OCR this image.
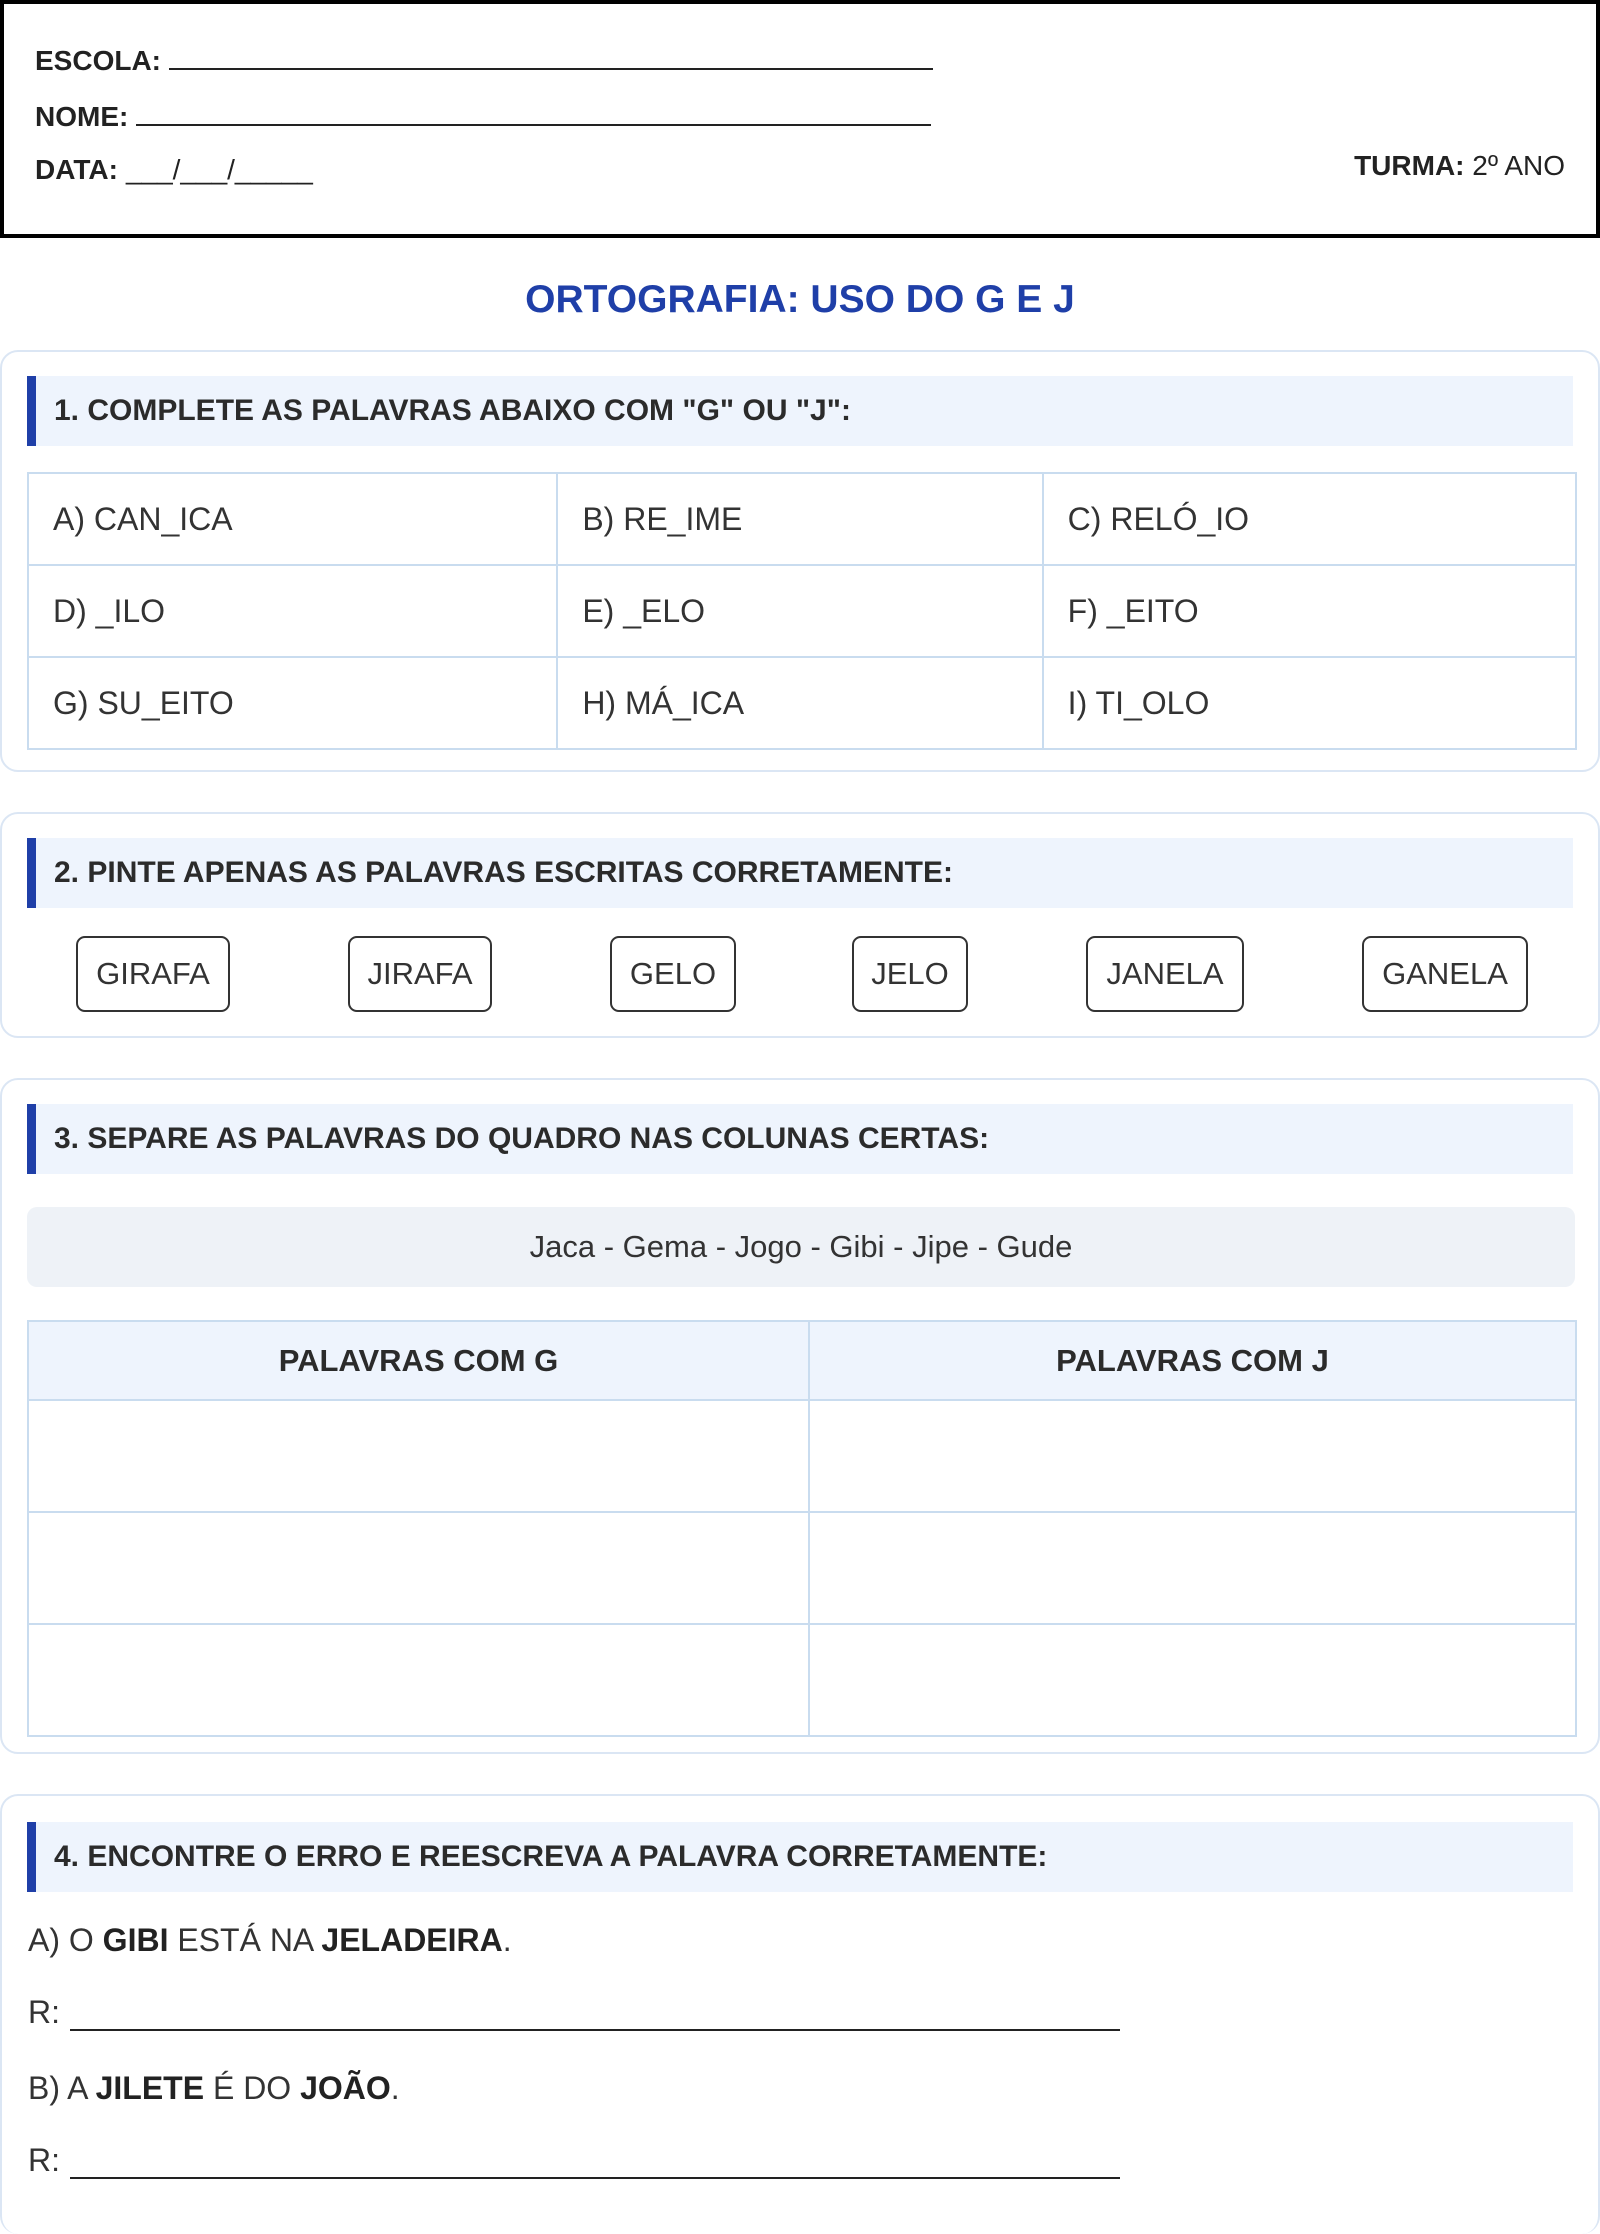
ESCOLA:
NOME:
DATA: ___/___/_____	TURMA: 2º ANO
ORTOGRAFIA: USO DO G E J
1. COMPLETE AS PALAVRAS ABAIXO COM "G" OU "J":
A) CAN_ICA	B) RE_IME	C) RELÓ_IO
D) _ILO	E) _ELO	F) _EITO
G) SU_EITO	H) MÁ_ICA	I) TI_OLO
2. PINTE APENAS AS PALAVRAS ESCRITAS CORRETAMENTE:
GIRAFA	JIRAFA	GELO	JELO	JANELA	GANELA
3. SEPARE AS PALAVRAS DO QUADRO NAS COLUNAS CERTAS:
Jaca - Gema - Jogo - Gibi - Jipe - Gude
PALAVRAS COM G	PALAVRAS COM J

4. ENCONTRE O ERRO E REESCREVA A PALAVRA CORRETAMENTE:
A) O GIBI ESTÁ NA JELADEIRA.
R:
B) A JILETE É DO JOÃO.
R:
